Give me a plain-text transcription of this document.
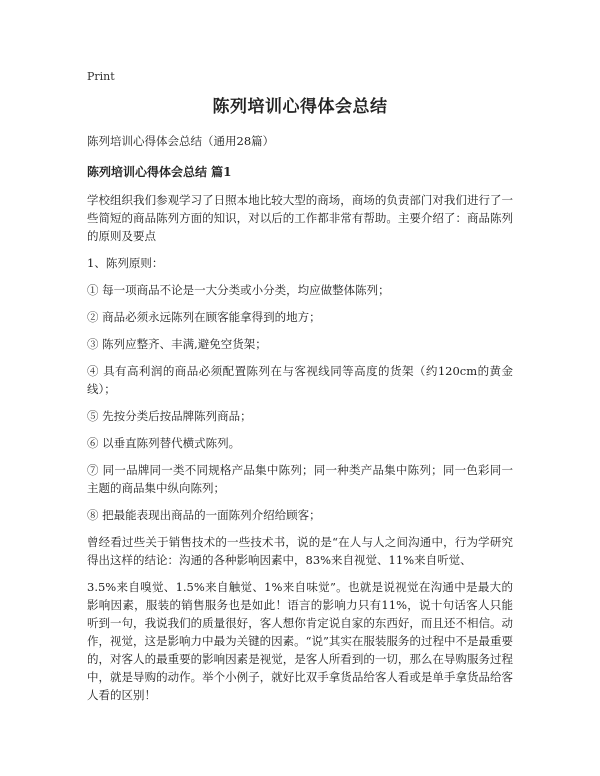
Print
陈列培训心得体会总结

陈列培训心得体会总结（通用28篇）

陈列培训心得体会总结 篇1

学校组织我们参观学习了日照本地比较大型的商场，商场的负责部门对我们进行了一些简短的商品陈列方面的知识，对以后的工作都非常有帮助。主要介绍了：商品陈列的原则及要点

1、陈列原则：

① 每一项商品不论是一大分类或小分类，均应做整体陈列；

② 商品必须永远陈列在顾客能拿得到的地方；

③ 陈列应整齐、丰满,避免空货架；

④ 具有高利润的商品必须配置陈列在与客视线同等高度的货架（约120cm的黄金线）；

⑤ 先按分类后按品牌陈列商品；

⑥ 以垂直陈列替代横式陈列。

⑦ 同一品牌同一类不同规格产品集中陈列；同一种类产品集中陈列；同一色彩同一主题的商品集中纵向陈列；

⑧ 把最能表现出商品的一面陈列介绍给顾客；

曾经看过些关于销售技术的一些技术书，说的是“在人与人之间沟通中，行为学研究得出这样的结论：沟通的各种影响因素中，83%来自视觉、11%来自听觉、

3.5%来自嗅觉、1.5%来自触觉、1%来自味觉”。也就是说视觉在沟通中是最大的影响因素，服装的销售服务也是如此！语言的影响力只有11%，说十句话客人只能听到一句，我说我们的质量很好，客人想你肯定说自家的东西好，而且还不相信。动作，视觉，这是影响力中最为关键的因素。“说”其实在服装服务的过程中不是最重要的，对客人的最重要的影响因素是视觉，是客人所看到的一切，那么在导购服务过程中，就是导购的动作。举个小例子，就好比双手拿货品给客人看或是单手拿货品给客人看的区别！
